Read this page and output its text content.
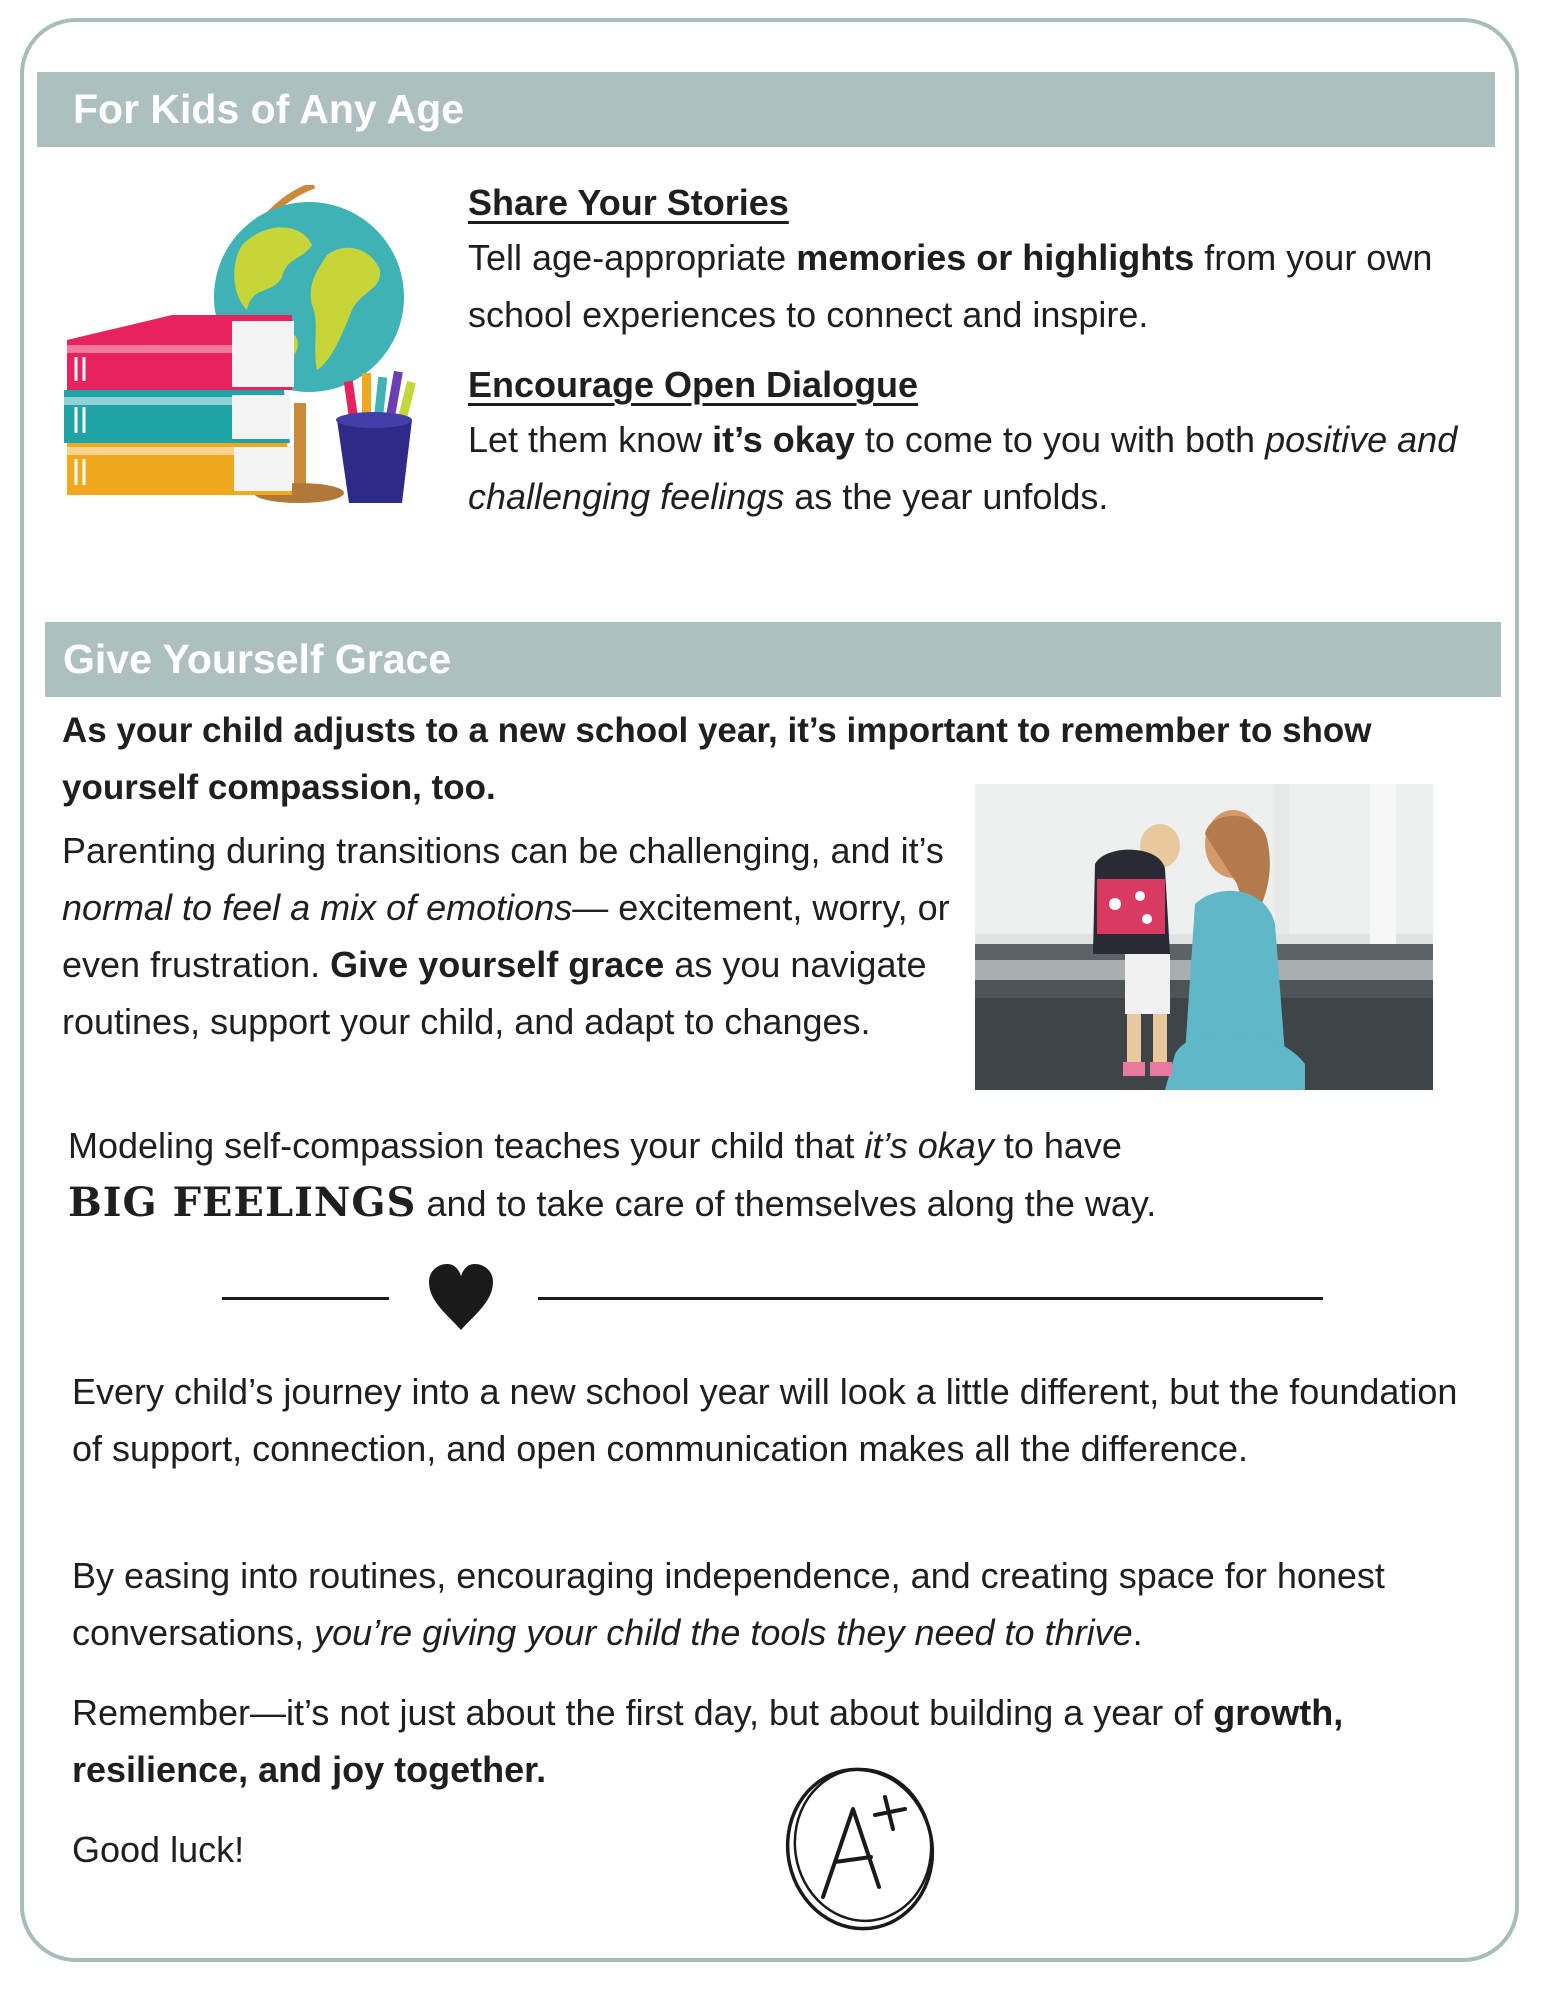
For Kids of Any Age
Share Your Stories

Tell age-appropriate memories or highlights from your own school experiences to connect and inspire.

Encourage Open Dialogue

Let them know it’s okay to come to you with both positive and challenging feelings as the year unfolds.

Give Yourself Grace
As your child adjusts to a new school year, it’s important to remember to show yourself compassion, too.
Parenting during transitions can be challenging, and it’s normal to feel a mix of emotions— excitement, worry, or even frustration. Give yourself grace as you navigate routines, support your child, and adapt to changes.
Modeling self-compassion teaches your child that it’s okay to have
BIG FEELINGS and to take care of themselves along the way.
Every child’s journey into a new school year will look a little different, but the foundation of support, connection, and open communication makes all the difference.
By easing into routines, encouraging independence, and creating space for honest conversations, you’re giving your child the tools they need to thrive.
Remember—it’s not just about the first day, but about building a year of growth, resilience, and joy together.
Good luck!
